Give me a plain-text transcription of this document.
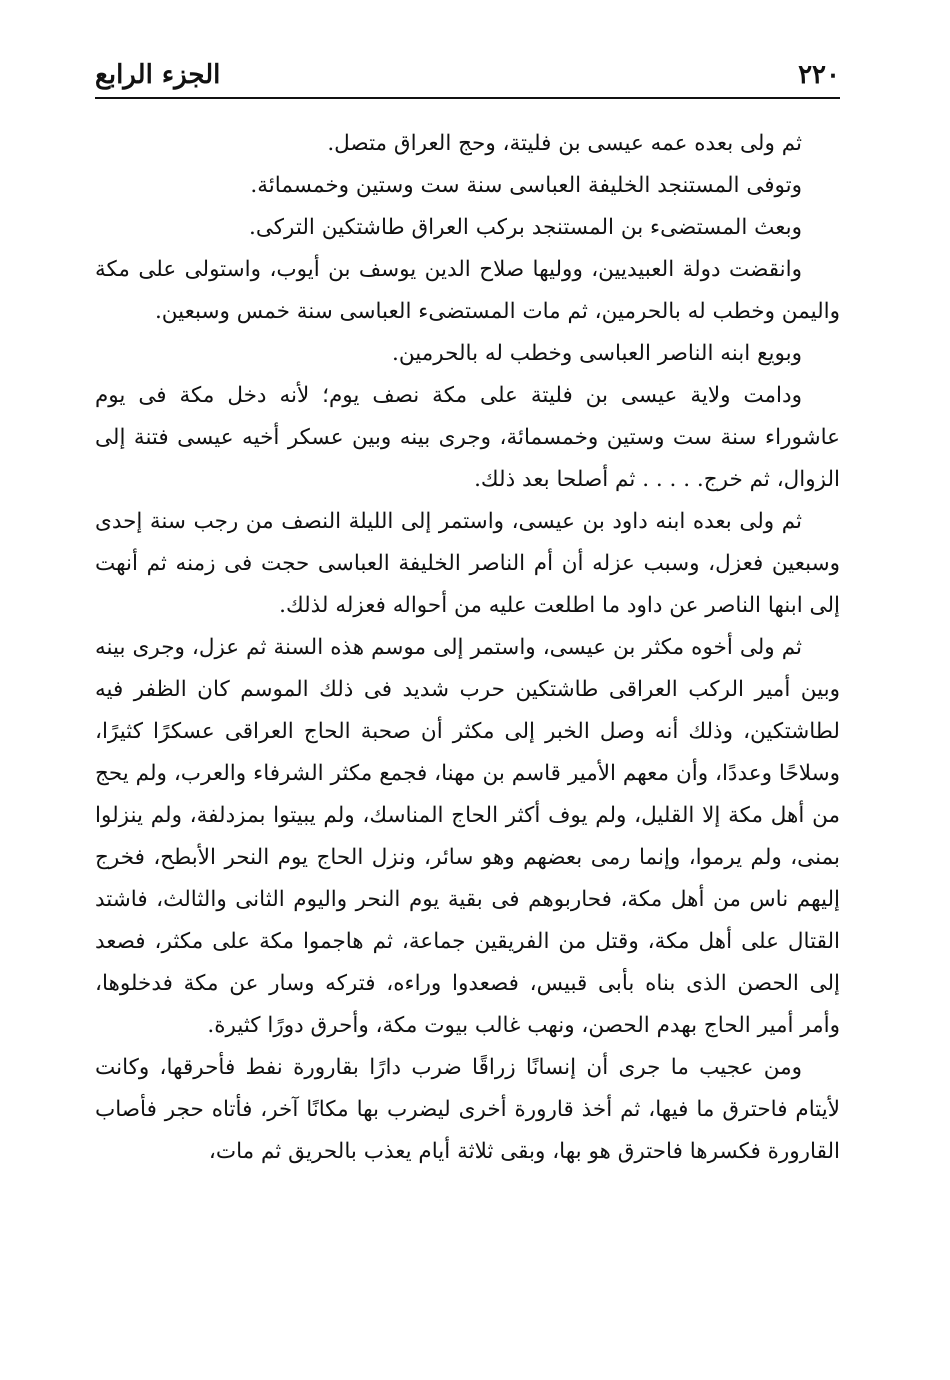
٢٢٠
الجزء الرابع

ثم ولى بعده عمه عيسى بن فليتة، وحج العراق متصل.

وتوفى المستنجد الخليفة العباسى سنة ست وستين وخمسمائة.

وبعث المستضىء بن المستنجد بركب العراق طاشتكين التركى.

وانقضت دولة العبيديين، ووليها صلاح الدين يوسف بن أيوب، واستولى على مكة واليمن وخطب له بالحرمين، ثم مات المستضىء العباسى سنة خمس وسبعين.

وبويع ابنه الناصر العباسى وخطب له بالحرمين.

ودامت ولاية عيسى بن فليتة على مكة نصف يوم؛ لأنه دخل مكة فى يوم عاشوراء سنة ست وستين وخمسمائة، وجرى بينه وبين عسكر أخيه عيسى فتنة إلى الزوال، ثم خرج. . . . . ثم أصلحا بعد ذلك.

ثم ولى بعده ابنه داود بن عيسى، واستمر إلى الليلة النصف من رجب سنة إحدى وسبعين فعزل، وسبب عزله أن أم الناصر الخليفة العباسى حجت فى زمنه ثم أنهت إلى ابنها الناصر عن داود ما اطلعت عليه من أحواله فعزله لذلك.

ثم ولى أخوه مكثر بن عيسى، واستمر إلى موسم هذه السنة ثم عزل، وجرى بينه وبين أمير الركب العراقى طاشتكين حرب شديد فى ذلك الموسم كان الظفر فيه لطاشتكين، وذلك أنه وصل الخبر إلى مكثر أن صحبة الحاج العراقى عسكرًا كثيرًا، وسلاحًا وعددًا، وأن معهم الأمير قاسم بن مهنا، فجمع مكثر الشرفاء والعرب، ولم يحج من أهل مكة إلا القليل، ولم يوف أكثر الحاج المناسك، ولم يبيتوا بمزدلفة، ولم ينزلوا بمنى، ولم يرموا، وإنما رمى بعضهم وهو سائر، ونزل الحاج يوم النحر الأبطح، فخرج إليهم ناس من أهل مكة، فحاربوهم فى بقية يوم النحر واليوم الثانى والثالث، فاشتد القتال على أهل مكة، وقتل من الفريقين جماعة، ثم هاجموا مكة على مكثر، فصعد إلى الحصن الذى بناه بأبى قبيس، فصعدوا وراءه، فتركه وسار عن مكة فدخلوها، وأمر أمير الحاج بهدم الحصن، ونهب غالب بيوت مكة، وأحرق دورًا كثيرة.

ومن عجيب ما جرى أن إنسانًا زراقًا ضرب دارًا بقارورة نفط فأحرقها، وكانت لأيتام فاحترق ما فيها، ثم أخذ قارورة أخرى ليضرب بها مكانًا آخر، فأتاه حجر فأصاب القارورة فكسرها فاحترق هو بها، وبقى ثلاثة أيام يعذب بالحريق ثم مات،
